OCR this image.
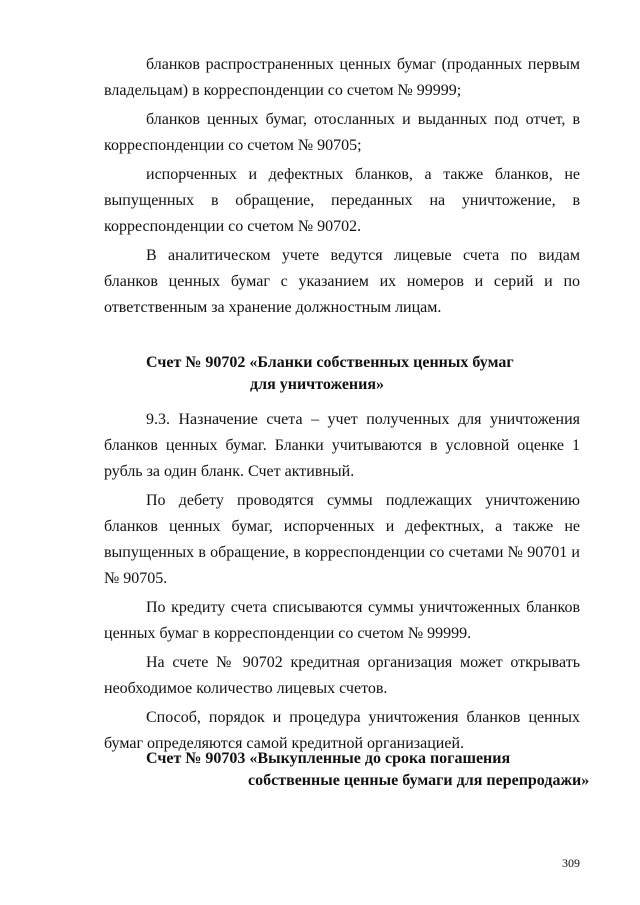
бланков распространенных ценных бумаг (проданных первым владельцам) в корреспонденции со счетом № 99999;

бланков ценных бумаг, отосланных и выданных под отчет, в корреспонденции со счетом № 90705;

испорченных и дефектных бланков, а также бланков, не выпущенных в обращение, переданных на уничтожение, в корреспонденции со счетом № 90702.

В аналитическом учете ведутся лицевые счета по видам бланков ценных бумаг с указанием их номеров и серий и по ответственным за хранение должностным лицам.

Счет № 90702 «Бланки собственных ценных бумаг
для уничтожения»

9.3. Назначение счета – учет полученных для уничтожения бланков ценных бумаг. Бланки учитываются в условной оценке 1 рубль за один бланк. Счет активный.

По дебету проводятся суммы подлежащих уничтожению бланков ценных бумаг, испорченных и дефектных, а также не выпущенных в обращение, в корреспонденции со счетами № 90701 и № 90705.

По кредиту счета списываются суммы уничтоженных бланков ценных бумаг в корреспонденции со счетом № 99999.

На счете № 90702 кредитная организация может открывать необходимое количество лицевых счетов.

Способ, порядок и процедура уничтожения бланков ценных бумаг определяются самой кредитной организацией.

Счет № 90703 «Выкупленные до срока погашения
собственные ценные бумаги для перепродажи»
309
